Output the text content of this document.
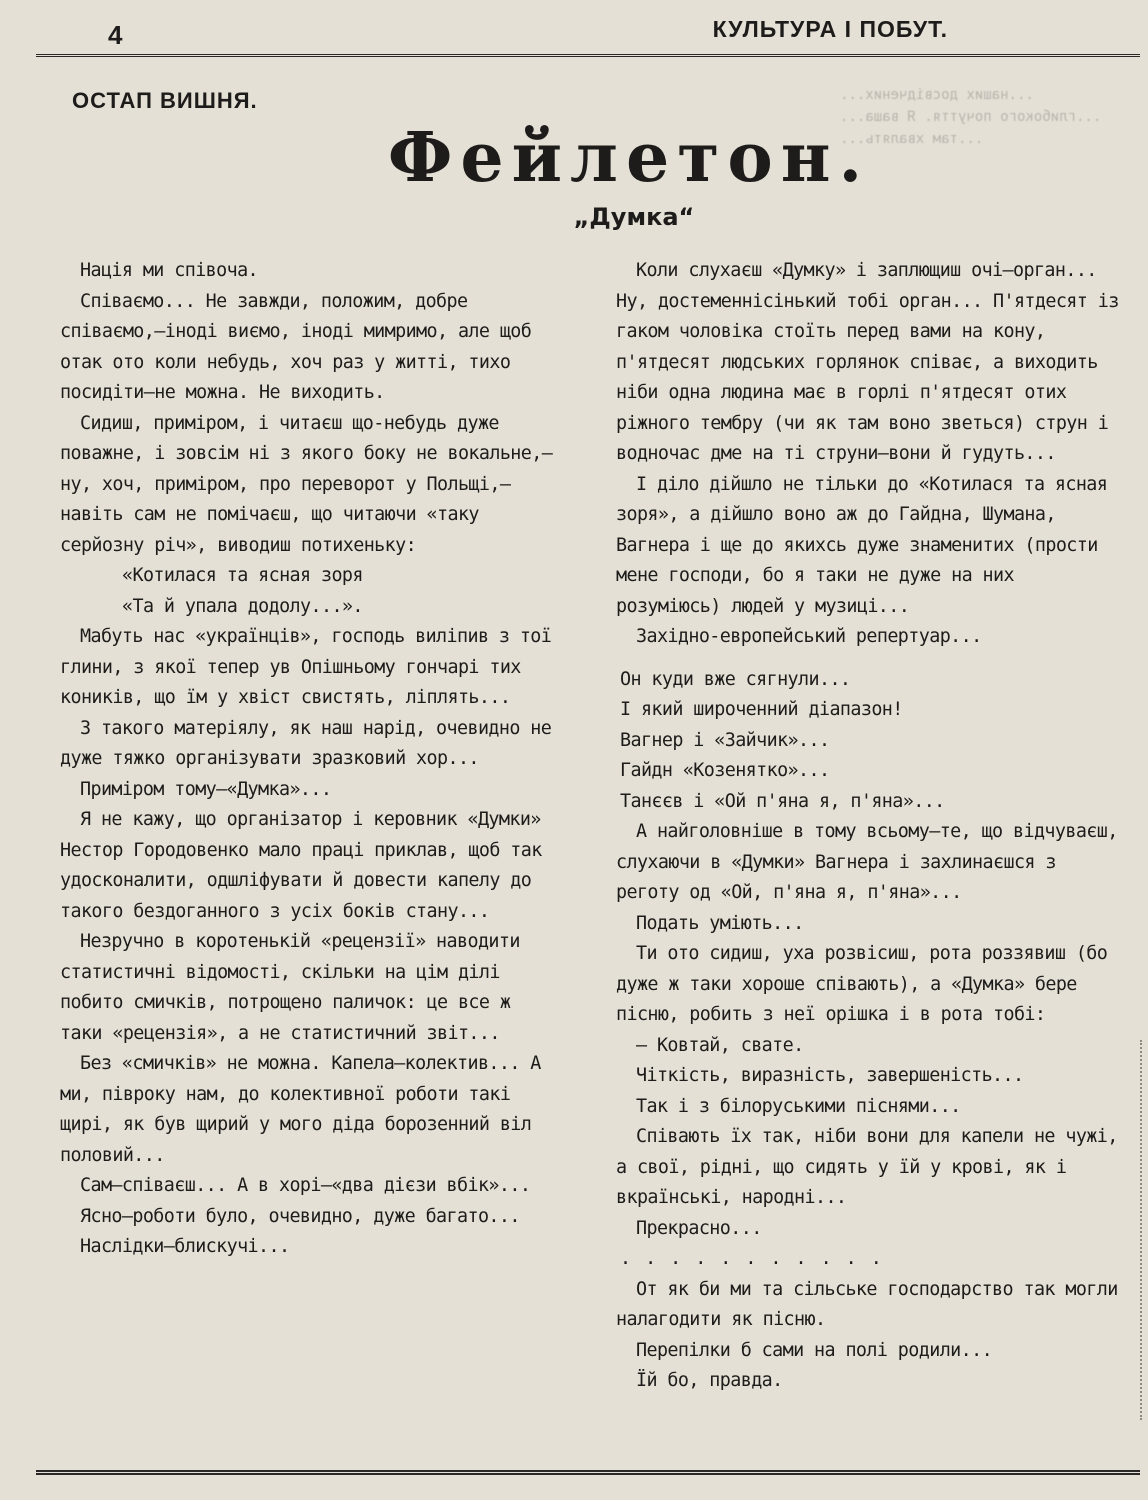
4	КУЛЬТУРА І ПОБУТ.
ОСТАП ВИШНЯ.	...наших досвідчених... ...глибокого почуття. Я ваша... ...там хвалять...
Фейлетон.
„Думка“

Нація ми співоча.

Співаємо... Не завжди, положим, добре співаємо,—іноді виємо, іноді мимримо, але щоб отак ото коли небудь, хоч раз у житті, тихо посидіти—не можна. Не виходить.

Сидиш, приміром, і читаєш що-небудь дуже поважне, і зовсім ні з якого боку не вокальне,—ну, хоч, приміром, про переворот у Польщі,—навіть сам не помічаєш, що читаючи «таку серйозну річ», виводиш потихеньку:

«Котилася та ясная зоря

«Та й упала додолу...».

Мабуть нас «українців», господь виліпив з тої глини, з якої тепер ув Опішньому гончарі тих коників, що їм у хвіст свистять, ліплять...

З такого матеріялу, як наш нарід, очевидно не дуже тяжко організувати зразковий хор...

Приміром тому—«Думка»...

Я не кажу, що організатор і керовник «Думки» Нестор Городовенко мало праці приклав, щоб так удосконалити, одшліфувати й довести капелу до такого бездоганного з усіх боків стану...

Незручно в коротенькій «рецензії» наводити статистичні відомості, скільки на цім ділі побито смичків, потрощено паличок: це все ж таки «рецензія», а не статистичний звіт...

Без «смичків» не можна. Капела—колектив... А ми, півроку нам, до колективної роботи такі щирі, як був щирий у мого діда борозенний віл половий...

Сам—співаєш... А в хорі—«два дієзи вбік»...

Ясно—роботи було, очевидно, дуже багато...

Наслідки—блискучі...

Коли слухаєш «Думку» і заплющиш очі—орган... Ну, достеменнісінький тобі орган... П'ятдесят із гаком чоловіка стоїть перед вами на кону, п'ятдесят людських горлянок співає, а виходить ніби одна людина має в горлі п'ятдесят отих ріжного тембру (чи як там воно зветься) струн і водночас дме на ті струни—вони й гудуть...

І діло дійшло не тільки до «Котилася та ясная зоря», а дійшло воно аж до Гайдна, Шумана, Вагнера і ще до якихсь дуже знаменитих (прости мене господи, бо я таки не дуже на них розуміюсь) людей у музиці...

Західно-европейський репертуар...

Он куди вже сягнули...

І який широченний діапазон!

Вагнер і «Зайчик»...

Гайдн «Козенятко»...

Танєєв і «Ой п'яна я, п'яна»...

А найголовніше в тому всьому—те, що відчуваєш, слухаючи в «Думки» Вагнера і захлинаєшся з реготу од «Ой, п'яна я, п'яна»...

Подать уміють...

Ти ото сидиш, уха розвісиш, рота роззявиш (бо дуже ж таки хороше співають), а «Думка» бере пісню, робить з неї орішка і в рота тобі:

— Ковтай, свате.

Чіткість, виразність, завершеність...

Так і з білоруськими піснями...

Співають їх так, ніби вони для капели не чужі, а свої, рідні, що сидять у їй у крові, як і вкраїнські, народні...

Прекрасно...

...........

От як би ми та сільське господарство так могли налагодити як пісню.

Перепілки б сами на полі родили...

Їй бо, правда.
